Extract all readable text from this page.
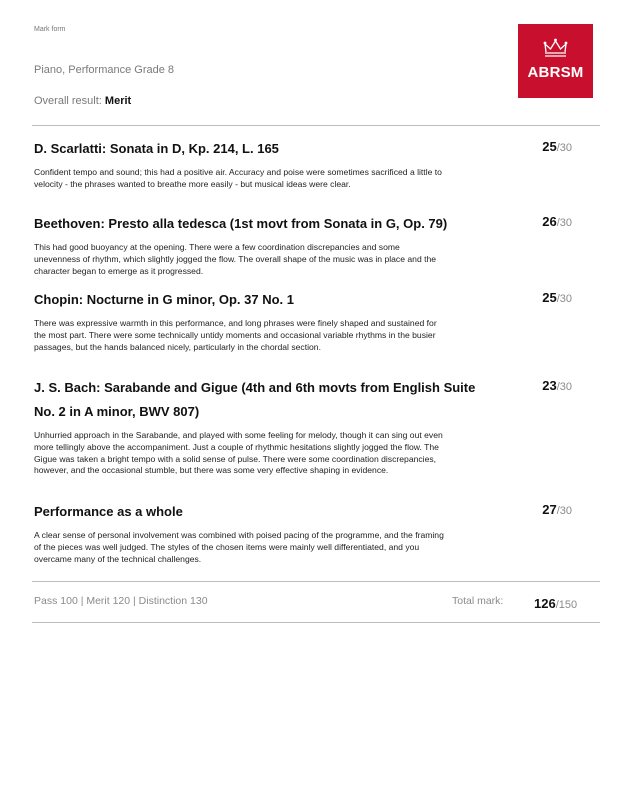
Mark form
Piano, Performance Grade 8
Overall result: Merit
ABRSM
D. Scarlatti: Sonata in D, Kp. 214, L. 165	25/30
Confident tempo and sound; this had a positive air. Accuracy and poise were sometimes sacrificed a little to velocity - the phrases wanted to breathe more easily - but musical ideas were clear.
Beethoven: Presto alla tedesca (1st movt from Sonata in G, Op. 79)	26/30
This had good buoyancy at the opening. There were a few coordination discrepancies and some unevenness of rhythm, which slightly jogged the flow. The overall shape of the music was in place and the character began to emerge as it progressed.
Chopin: Nocturne in G minor, Op. 37 No. 1	25/30
There was expressive warmth in this performance, and long phrases were finely shaped and sustained for the most part. There were some technically untidy moments and occasional variable rhythms in the busier passages, but the hands balanced nicely, particularly in the chordal section.
J. S. Bach: Sarabande and Gigue (4th and 6th movts from English Suite No. 2 in A minor, BWV 807)
23/30
Unhurried approach in the Sarabande, and played with some feeling for melody, though it can sing out even more tellingly above the accompaniment. Just a couple of rhythmic hesitations slightly jogged the flow. The Gigue was taken a bright tempo with a solid sense of pulse. There were some coordination discrepancies, however, and the occasional stumble, but there was some very effective shaping in evidence.
Performance as a whole	27/30
A clear sense of personal involvement was combined with poised pacing of the programme, and the framing of the pieces was well judged. The styles of the chosen items were mainly well differentiated, and you overcame many of the technical challenges.
Pass 100 | Merit 120 | Distinction 130	Total mark: 126/150
